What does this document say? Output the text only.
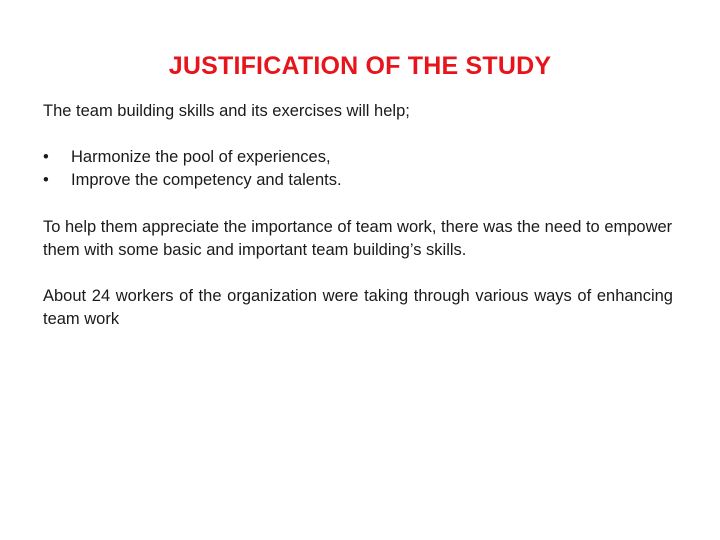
JUSTIFICATION OF THE STUDY

The team building skills and its exercises will help;

• Harmonize the pool of experiences,
• Improve the competency and talents.

To help them appreciate the importance of team work, there was the need to empower them with some basic and important team building’s skills.

About 24 workers of the organization were taking through various ways of enhancing team work
